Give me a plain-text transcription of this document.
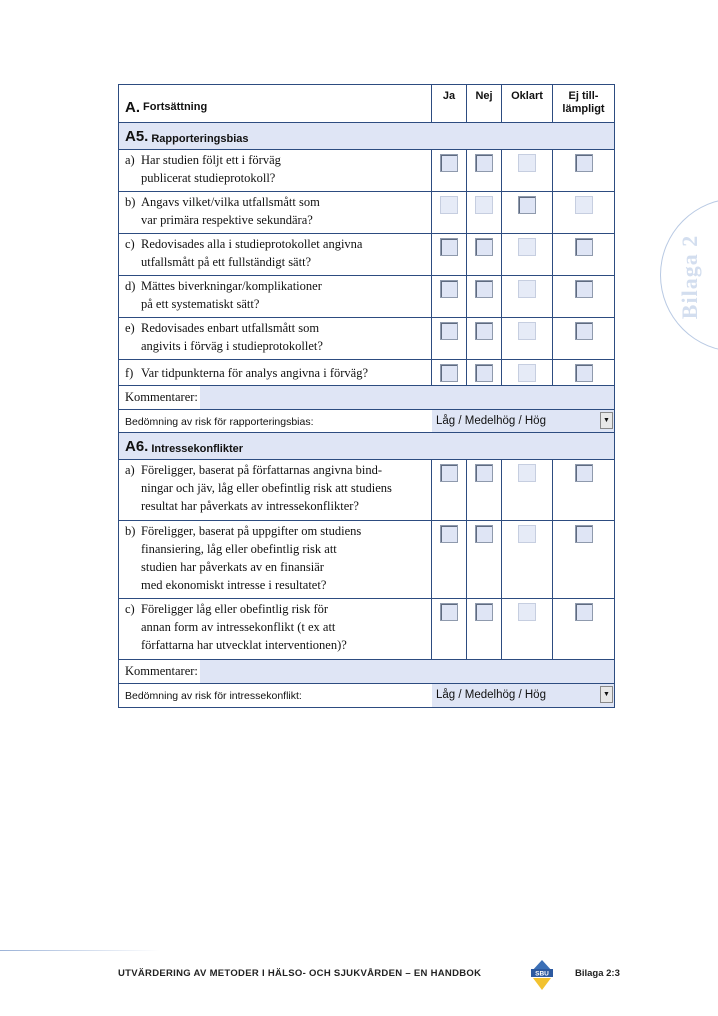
Bilaga 2
A. Fortsättning
Ja	Nej	Oklart	Ej till-
lämpligt
A5. Rapporteringsbias
a) Har studien följt ett i förväg
publicerat studieprotokoll?
b) Angavs vilket/vilka utfallsmått som
var primära respektive sekundära?
c) Redovisades alla i studieprotokollet angivna
utfallsmått på ett fullständigt sätt?
d) Mättes biverkningar/komplikationer
på ett systematiskt sätt?
e) Redovisades enbart utfallsmått som
angivits i förväg i studieprotokollet?
f) Var tidpunkterna för analys angivna i förväg?
Kommentarer:
Bedömning av risk för rapporteringsbias:	Låg / Medelhög / Hög	▼
A6. Intressekonflikter
a) Föreligger, baserat på författarnas angivna bind-
ningar och jäv, låg eller obefintlig risk att studiens
resultat har påverkats av intressekonflikter?
b) Föreligger, baserat på uppgifter om studiens
finansiering, låg eller obefintlig risk att
studien har påverkats av en finansiär
med ekonomiskt intresse i resultatet?
c) Föreligger låg eller obefintlig risk för
annan form av intressekonflikt (t ex att
författarna har utvecklat interventionen)?
Kommentarer:
Bedömning av risk för intressekonflikt:	Låg / Medelhög / Hög	▼
UTVÄRDERING AV METODER I HÄLSO- OCH SJUKVÅRDEN – EN HANDBOK	SBU	Bilaga 2:3
